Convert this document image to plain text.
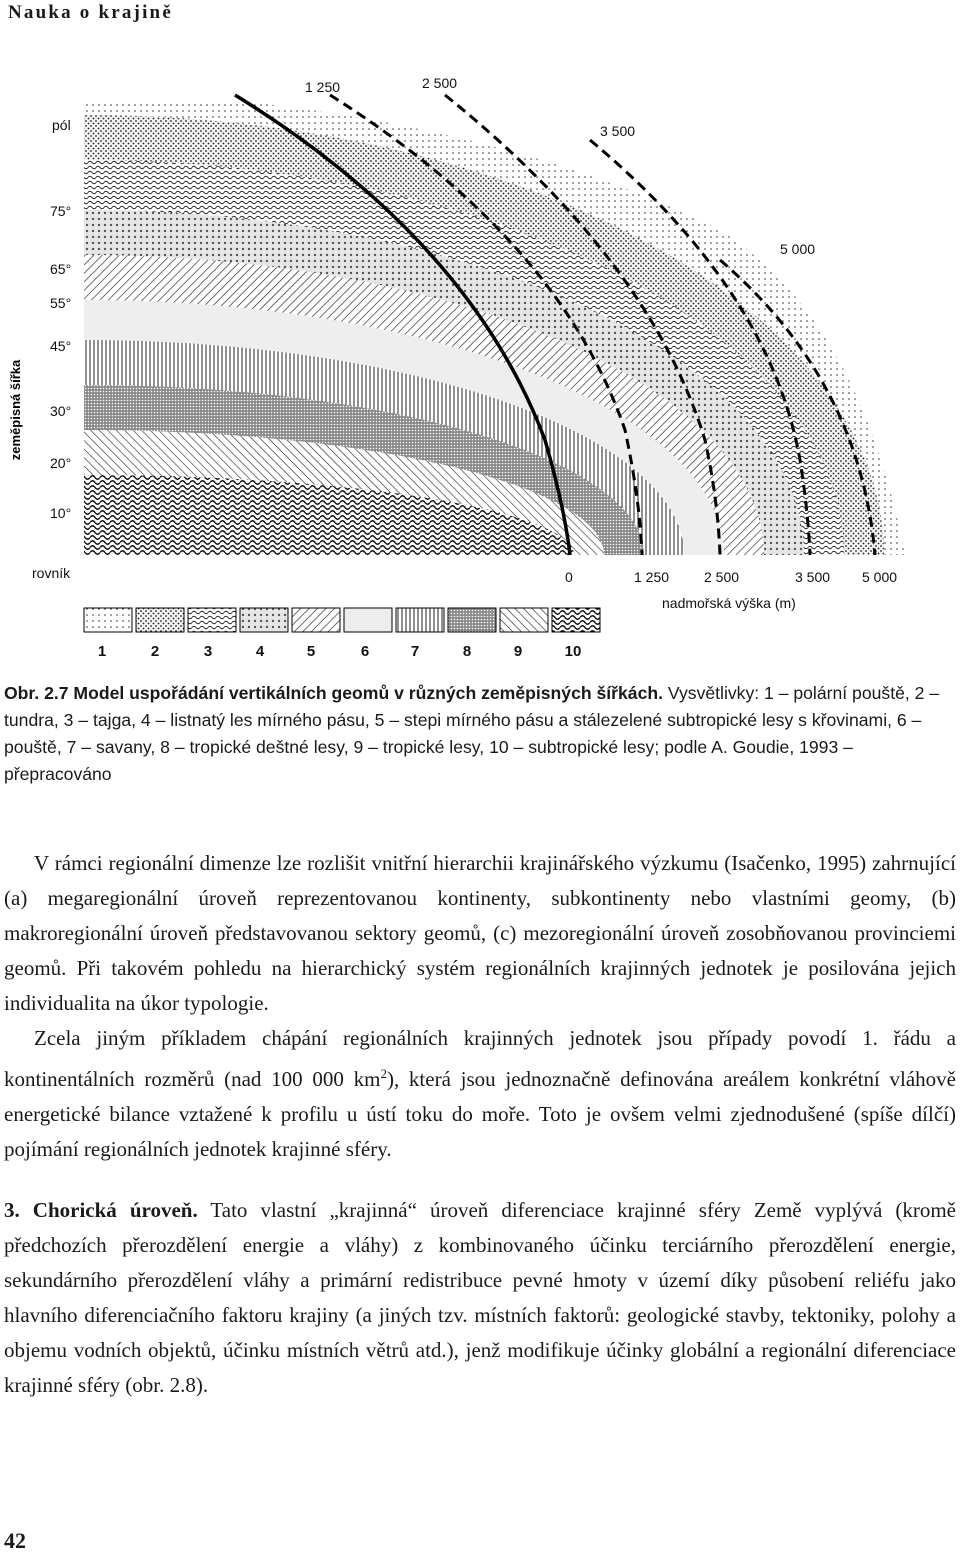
Nauka o krajině
zeměpisná šířka
pól
75°
65°
55°
45°
30°
20°
10°
rovník
1 250	2 500
3 500
5 000
0	1 250 2 500	3 500 5 000
nadmořská výška (m)
1	2	3	4	5	6	7	8	9	10

Obr. 2.7 Model uspořádání vertikálních geomů v různých zeměpisných šířkách. Vysvětlivky: 1 – polární pouště, 2 – tundra, 3 – tajga, 4 – listnatý les mírného pásu, 5 – stepi mírného pásu a stálezelené subtropické lesy s křovinami, 6 – pouště, 7 – savany, 8 – tropické deštné lesy, 9 – tropické lesy, 10 – subtropické lesy; podle A. Goudie, 1993 – přepracováno

V rámci regionální dimenze lze rozlišit vnitřní hierarchii krajinářského výzkumu (Isačenko, 1995) zahrnující (a) megaregionální úroveň reprezentovanou kontinenty, subkontinenty nebo vlastními geomy, (b) makroregionální úroveň představovanou sektory geomů, (c) mezoregionální úroveň zosobňovanou provinciemi geomů. Při takovém pohledu na hierarchický systém regionálních krajinných jednotek je posilována jejich individualita na úkor typologie.

Zcela jiným příkladem chápání regionálních krajinných jednotek jsou případy povodí 1. řádu a kontinentálních rozměrů (nad 100 000 $km^2$), která jsou jednoznačně definována areálem konkrétní vláhově energetické bilance vztažené k profilu u ústí toku do moře. Toto je ovšem velmi zjednodušené (spíše dílčí) pojímání regionálních jednotek krajinné sféry.

3. Chorická úroveň. Tato vlastní „krajinná“ úroveň diferenciace krajinné sféry Země vyplývá (kromě předchozích přerozdělení energie a vláhy) z kombinovaného účinku terciárního přerozdělení energie, sekundárního přerozdělení vláhy a primární redistribuce pevné hmoty v území díky působení reliéfu jako hlavního diferenciačního faktoru krajiny (a jiných tzv. místních faktorů: geologické stavby, tektoniky, polohy a objemu vodních objektů, účinku místních větrů atd.), jenž modifikuje účinky globální a regionální diferenciace krajinné sféry (obr. 2.8).

42
